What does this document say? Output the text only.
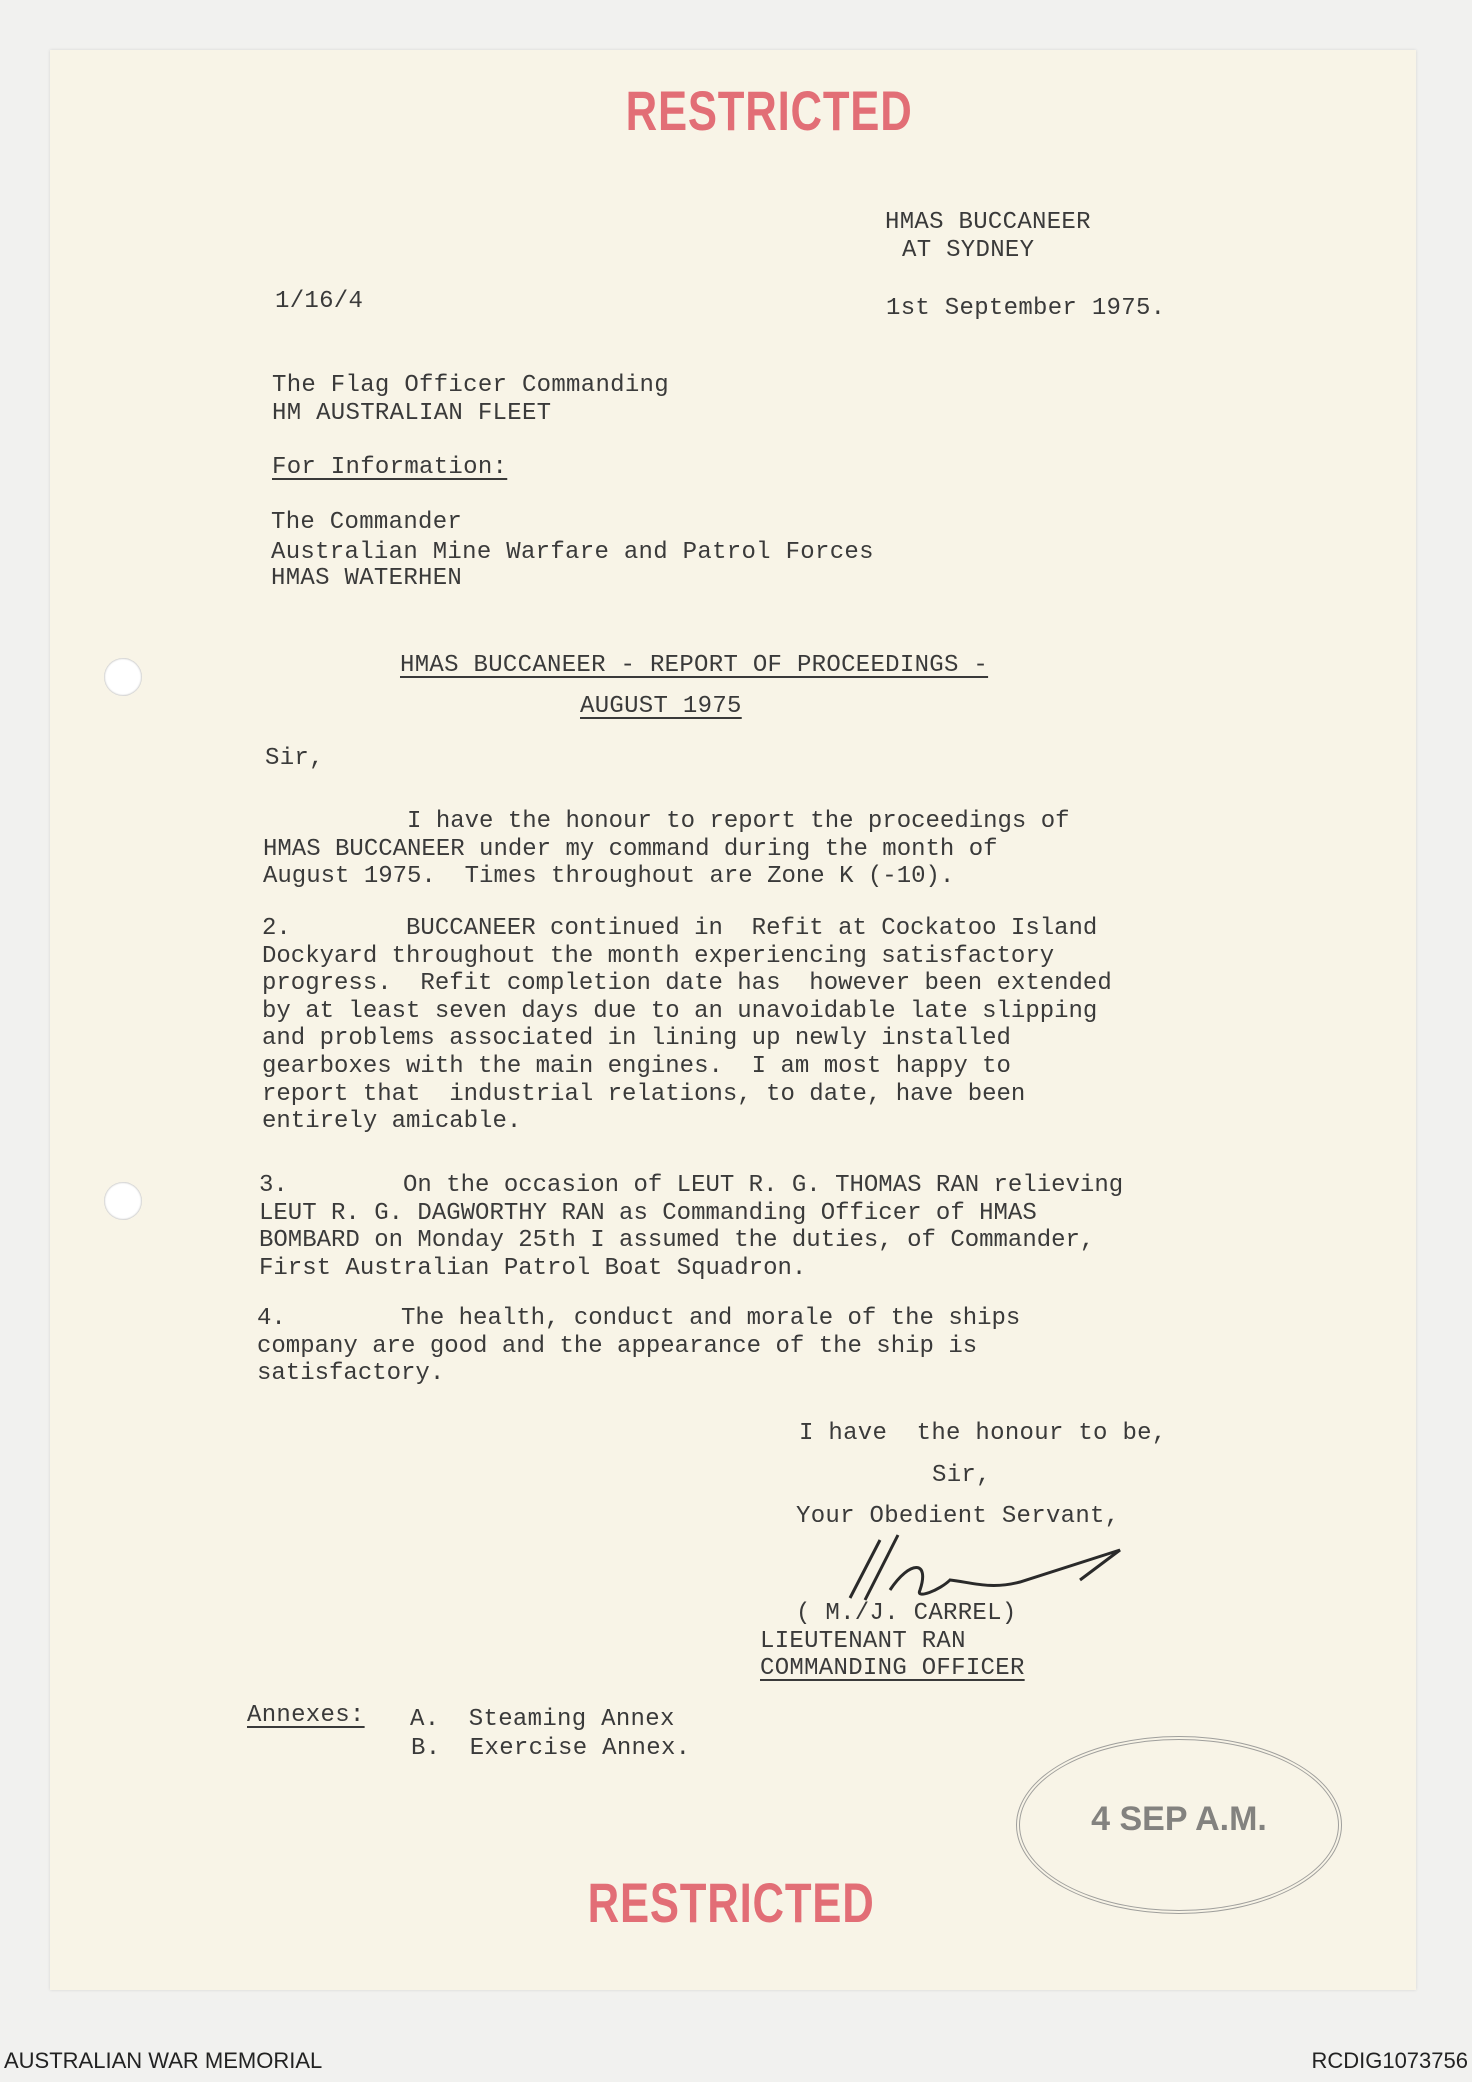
RESTRICTED
HMAS BUCCANEER
AT SYDNEY
1/16/4	1st September 1975.
The Flag Officer Commanding
HM AUSTRALIAN FLEET
For Information:
The Commander
Australian Mine Warfare and Patrol Forces
HMAS WATERHEN
HMAS BUCCANEER - REPORT OF PROCEEDINGS -
AUGUST 1975
Sir,
I have the honour to report the proceedings of
HMAS BUCCANEER under my command during the month of
August 1975.  Times throughout are Zone K (-10).
2.        BUCCANEER continued in  Refit at Cockatoo Island
Dockyard throughout the month experiencing satisfactory
progress.  Refit completion date has  however been extended
by at least seven days due to an unavoidable late slipping
and problems associated in lining up newly installed
gearboxes with the main engines.  I am most happy to
report that  industrial relations, to date, have been
entirely amicable.
3.        On the occasion of LEUT R. G. THOMAS RAN relieving
LEUT R. G. DAGWORTHY RAN as Commanding Officer of HMAS
BOMBARD on Monday 25th I assumed the duties, of Commander,
First Australian Patrol Boat Squadron.
4.        The health, conduct and morale of the ships
company are good and the appearance of the ship is
satisfactory.
I have  the honour to be,
Sir,
Your Obedient Servant,
( M./J. CARREL)
LIEUTENANT RAN
COMMANDING OFFICER
Annexes: A.  Steaming Annex
B.  Exercise Annex.
4 SEP A.M.
RESTRICTED
AUSTRALIAN WAR MEMORIAL	RCDIG1073756
